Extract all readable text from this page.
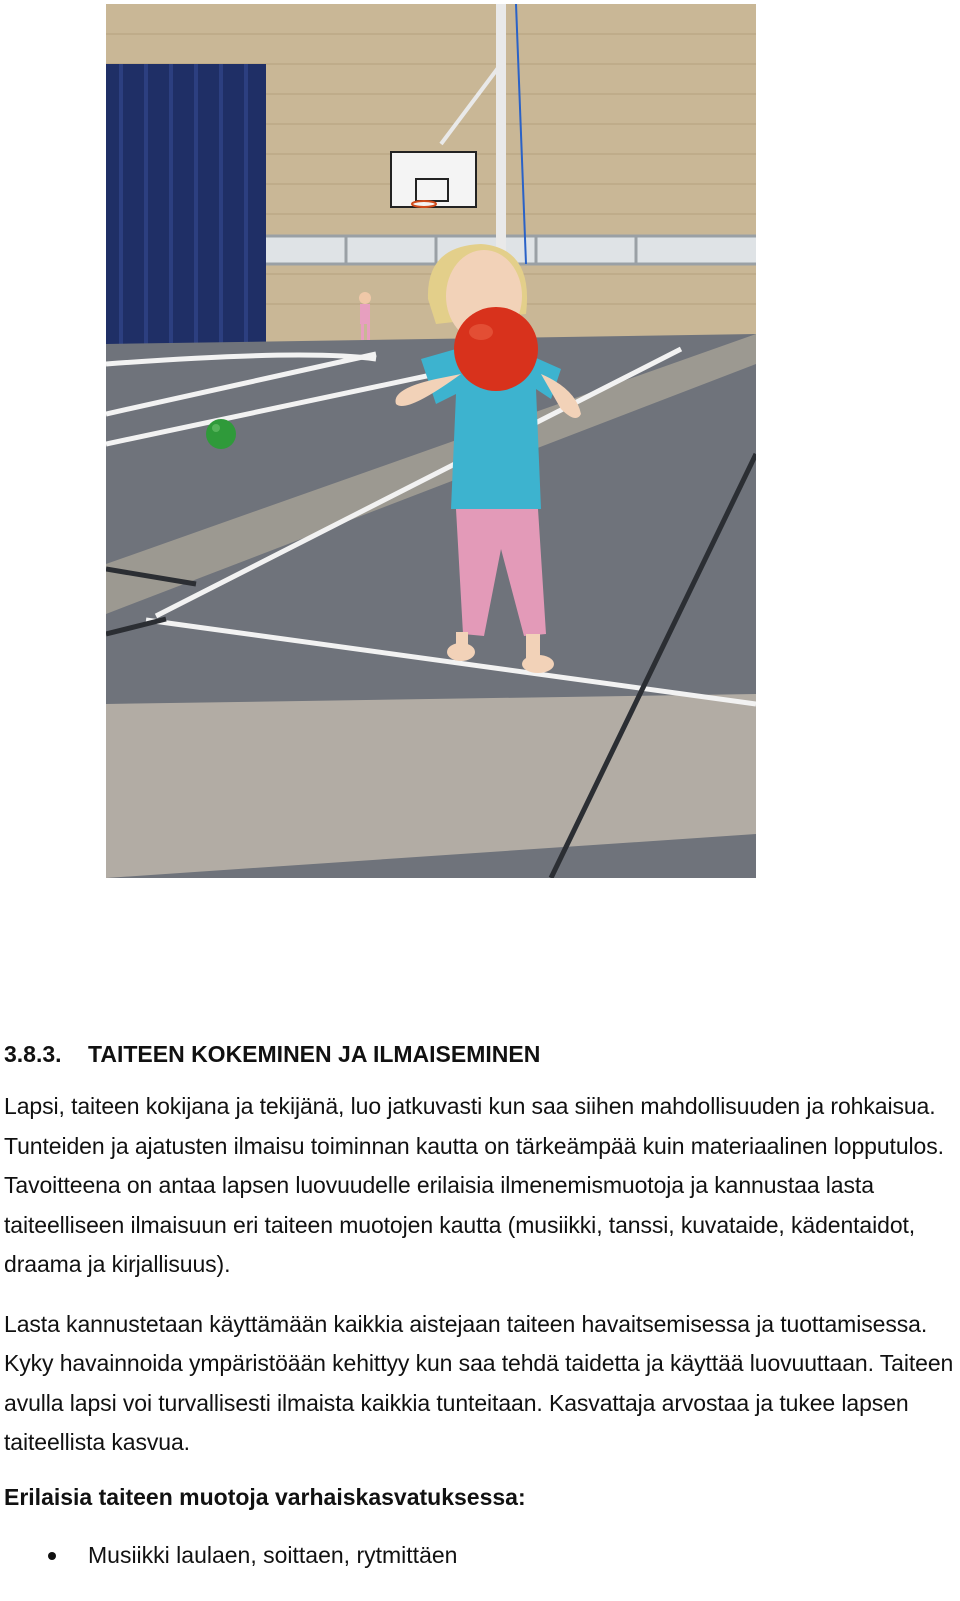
3.8.3. TAITEEN KOKEMINEN JA ILMAISEMINEN

Lapsi, taiteen kokijana ja tekijänä, luo jatkuvasti kun saa siihen mahdollisuuden ja rohkaisua. Tunteiden ja ajatusten ilmaisu toiminnan kautta on tärkeämpää kuin materiaalinen lopputulos. Tavoitteena on antaa lapsen luovuudelle erilaisia ilmenemismuotoja ja kannustaa lasta taiteelliseen ilmaisuun eri taiteen muotojen kautta (musiikki, tanssi, kuvataide, kädentaidot, draama ja kirjallisuus).

Lasta kannustetaan käyttämään kaikkia aistejaan taiteen havaitsemisessa ja tuottamisessa. Kyky havainnoida ympäristöään kehittyy kun saa tehdä taidetta ja käyttää luovuuttaan. Taiteen avulla lapsi voi turvallisesti ilmaista kaikkia tunteitaan. Kasvattaja arvostaa ja tukee lapsen taiteellista kasvua.

Erilaisia taiteen muotoja varhaiskasvatuksessa:
Musiikki laulaen, soittaen, rytmittäen
